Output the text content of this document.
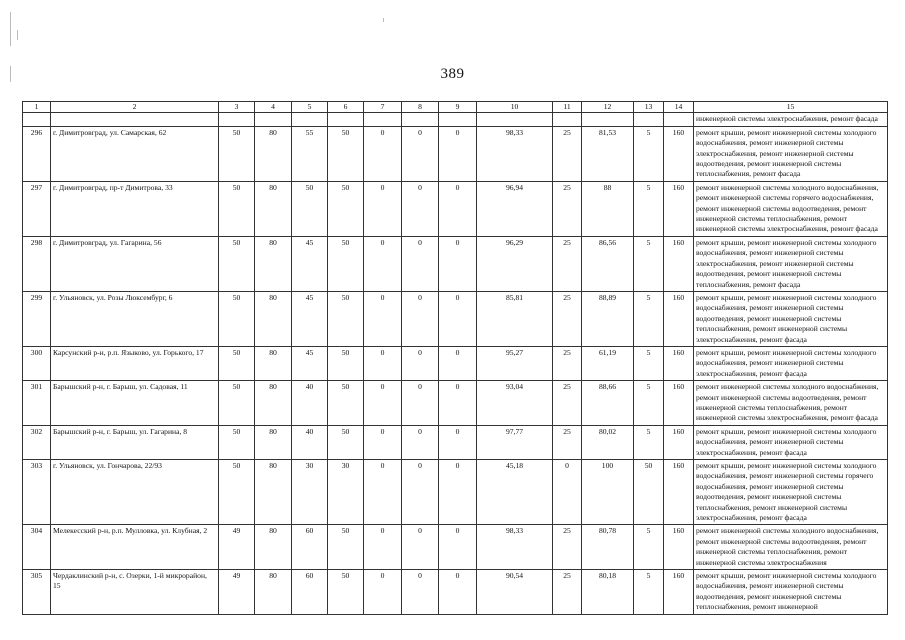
389
1	2	3	4	5	6	7	8	9	10	11	12	13	14	15
														инженерной системы электроснабжения, ремонт фасада
296	г. Димитровград, ул. Самарская, 62	50	80	55	50	0	0	0	98,33	25	81,53	5	160	ремонт крыши, ремонт инженерной системы холодного водоснабжения, ремонт инженерной системы электроснабжения, ремонт инженерной системы водоотведения, ремонт инженерной системы теплоснабжения, ремонт фасада
297	г. Димитровград, пр-т Димитрова, 33	50	80	50	50	0	0	0	96,94	25	88	5	160	ремонт инженерной системы холодного водоснабжения, ремонт инженерной системы горячего водоснабжения, ремонт инженерной системы водоотведения, ремонт инженерной системы теплоснабжения, ремонт инженерной системы электроснабжения, ремонт фасада
298	г. Димитровград, ул. Гагарина, 56	50	80	45	50	0	0	0	96,29	25	86,56	5	160	ремонт крыши, ремонт инженерной системы холодного водоснабжения, ремонт инженерной системы электроснабжения, ремонт инженерной системы водоотведения, ремонт инженерной системы теплоснабжения, ремонт фасада
299	г. Ульяновск, ул. Розы Люксембург, 6	50	80	45	50	0	0	0	85,81	25	88,89	5	160	ремонт крыши, ремонт инженерной системы холодного водоснабжения, ремонт инженерной системы водоотведения, ремонт инженерной системы теплоснабжения, ремонт инженерной системы электроснабжения, ремонт фасада
300	Карсунский р-н, р.п. Языково, ул. Горького, 17	50	80	45	50	0	0	0	95,27	25	61,19	5	160	ремонт крыши, ремонт инженерной системы холодного водоснабжения, ремонт инженерной системы электроснабжения, ремонт фасада
301	Барышский р-н, г. Барыш, ул. Садовая, 11	50	80	40	50	0	0	0	93,04	25	88,66	5	160	ремонт инженерной системы холодного водоснабжения, ремонт инженерной системы водоотведения, ремонт инженерной системы теплоснабжения, ремонт инженерной системы электроснабжения, ремонт фасада
302	Барышский р-н, г. Барыш, ул. Гагарина, 8	50	80	40	50	0	0	0	97,77	25	80,02	5	160	ремонт крыши, ремонт инженерной системы холодного водоснабжения, ремонт инженерной системы электроснабжения, ремонт фасада
303	г. Ульяновск, ул. Гончарова, 22/93	50	80	30	30	0	0	0	45,18	0	100	50	160	ремонт крыши, ремонт инженерной системы холодного водоснабжения, ремонт инженерной системы горячего водоснабжения, ремонт инженерной системы водоотведения, ремонт инженерной системы теплоснабжения, ремонт инженерной системы электроснабжения, ремонт фасада
304	Мелекесский р-н, р.п. Мулловка, ул. Клубная, 2	49	80	60	50	0	0	0	98,33	25	80,78	5	160	ремонт инженерной системы холодного водоснабжения, ремонт инженерной системы водоотведения, ремонт инженерной системы теплоснабжения, ремонт инженерной системы электроснабжения
305	Чердаклинский р-н, с. Озерки, 1-й микрорайон, 15	49	80	60	50	0	0	0	90,54	25	80,18	5	160	ремонт крыши, ремонт инженерной системы холодного водоснабжения, ремонт инженерной системы водоотведения, ремонт инженерной системы теплоснабжения, ремонт инженерной
